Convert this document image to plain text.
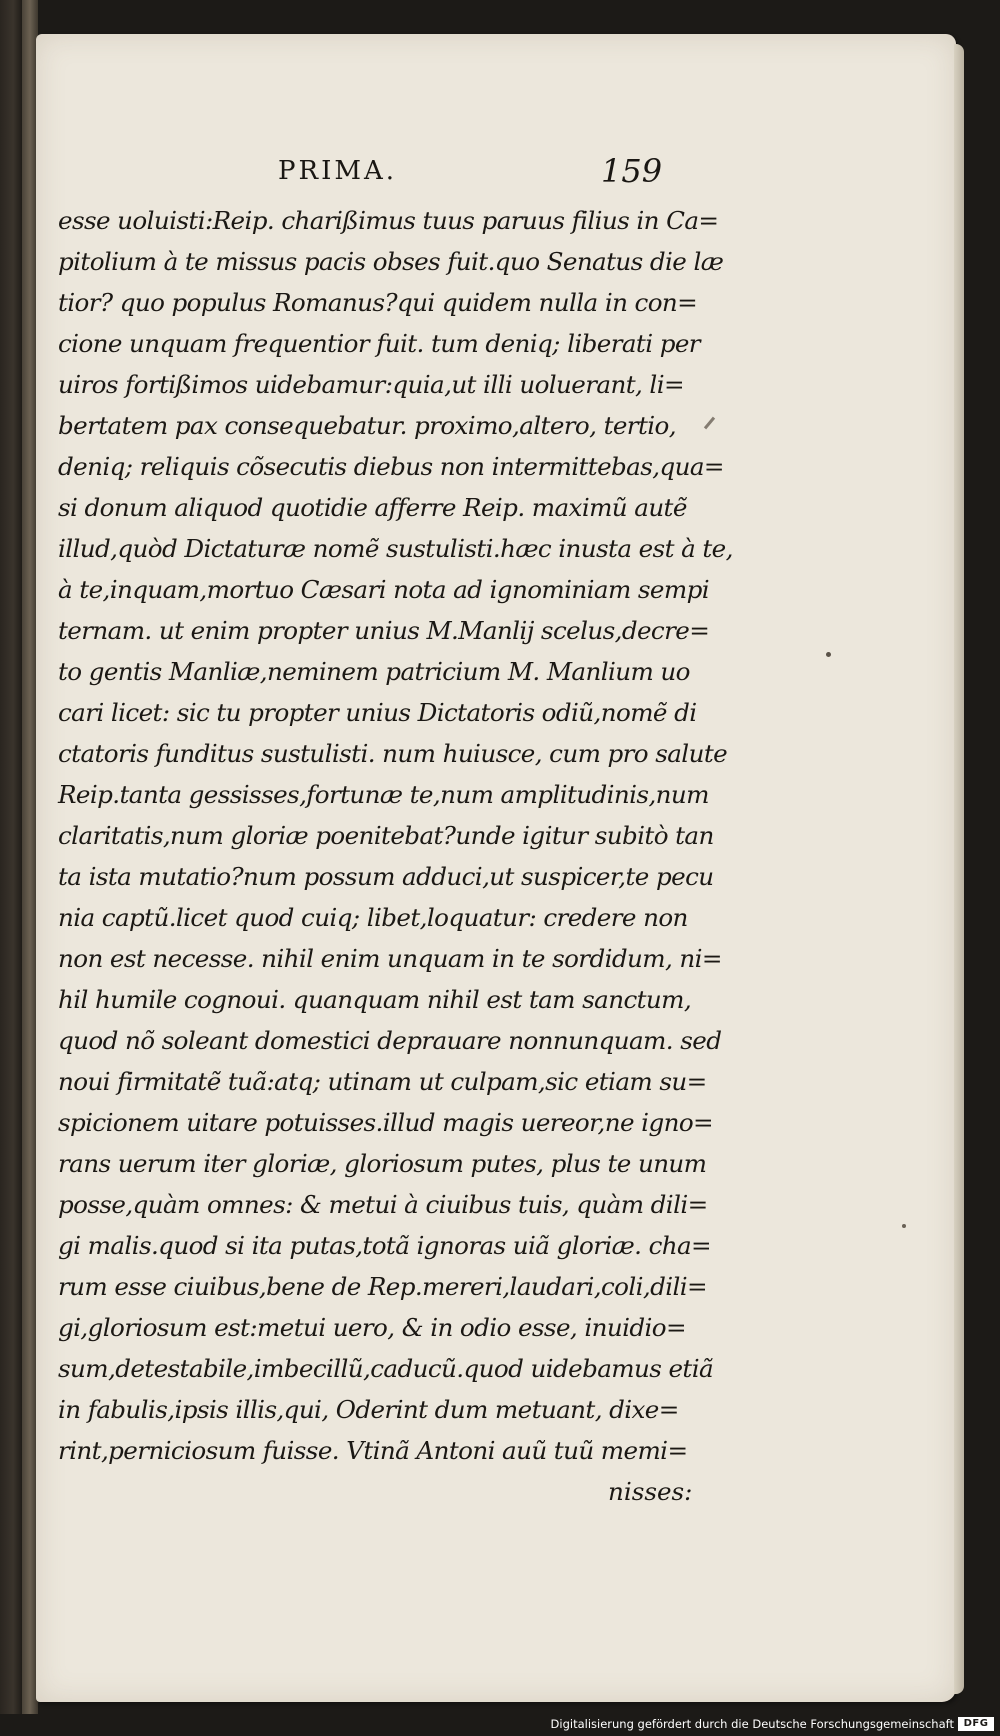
PRIMA.	159
esse uoluisti:Reip. charißimus tuus paruus filius in Ca=
pitolium à te missus pacis obses fuit.quo Senatus die læ
tior? quo populus Romanus?qui quidem nulla in con=
cione unquam frequentior fuit. tum deniq; liberati per
uiros fortißimos uidebamur:quia,ut illi uoluerant, li=
bertatem pax consequebatur. proximo,altero, tertio,
deniq; reliquis cõsecutis diebus non intermittebas,qua=
si donum aliquod quotidie afferre Reip. maximũ autẽ
illud,quòd Dictaturæ nomẽ sustulisti.hæc inusta est à te,
à te,inquam,mortuo Cæsari nota ad ignominiam sempi
ternam. ut enim propter unius M.Manlij scelus,decre=
to gentis Manliæ,neminem patricium M. Manlium uo
cari licet: sic tu propter unius Dictatoris odiũ,nomẽ di
ctatoris funditus sustulisti. num huiusce, cum pro salute
Reip.tanta gessisses,fortunæ te,num amplitudinis,num
claritatis,num gloriæ poenitebat?unde igitur subitò tan
ta ista mutatio?num possum adduci,ut suspicer,te pecu
nia captũ.licet quod cuiq; libet,loquatur: credere non
non est necesse. nihil enim unquam in te sordidum, ni=
hil humile cognoui. quanquam nihil est tam sanctum,
quod nõ soleant domestici deprauare nonnunquam. sed
noui firmitatẽ tuã:atq; utinam ut culpam,sic etiam su=
spicionem uitare potuisses.illud magis uereor,ne igno=
rans uerum iter gloriæ, gloriosum putes, plus te unum
posse,quàm omnes: & metui à ciuibus tuis, quàm dili=
gi malis.quod si ita putas,totã ignoras uiã gloriæ. cha=
rum esse ciuibus,bene de Rep.mereri,laudari,coli,dili=
gi,gloriosum est:metui uero, & in odio esse, inuidio=
sum,detestabile,imbecillũ,caducũ.quod uidebamus etiã
in fabulis,ipsis illis,qui, Oderint dum metuant, dixe=
rint,perniciosum fuisse. Vtinã Antoni auũ tuũ memi=
nisses:
Digitalisierung gefördert durch die Deutsche Forschungsgemeinschaft DFG
